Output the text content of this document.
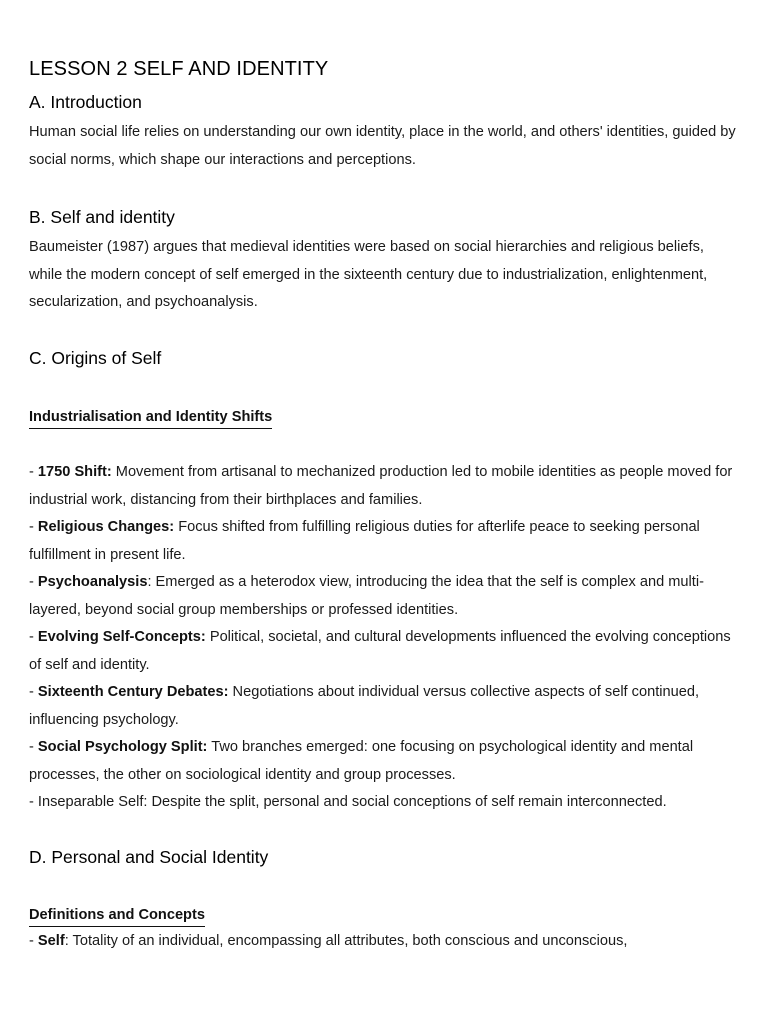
LESSON 2 SELF AND IDENTITY
A. Introduction

Human social life relies on understanding our own identity, place in the world, and others' identities, guided by social norms, which shape our interactions and perceptions.

B. Self and identity

Baumeister (1987) argues that medieval identities were based on social hierarchies and religious beliefs, while the modern concept of self emerged in the sixteenth century due to industrialization, enlightenment, secularization, and psychoanalysis.

C. Origins of Self
Industrialisation and Identity Shifts
- 1750 Shift: Movement from artisanal to mechanized production led to mobile identities as people moved for industrial work, distancing from their birthplaces and families.
- Religious Changes: Focus shifted from fulfilling religious duties for afterlife peace to seeking personal fulfillment in present life.
- Psychoanalysis: Emerged as a heterodox view, introducing the idea that the self is complex and multi-layered, beyond social group memberships or professed identities.
- Evolving Self-Concepts: Political, societal, and cultural developments influenced the evolving conceptions of self and identity.
- Sixteenth Century Debates: Negotiations about individual versus collective aspects of self continued, influencing psychology.
- Social Psychology Split: Two branches emerged: one focusing on psychological identity and mental processes, the other on sociological identity and group processes.
- Inseparable Self: Despite the split, personal and social conceptions of self remain interconnected.
D. Personal and Social Identity
Definitions and Concepts
- Self: Totality of an individual, encompassing all attributes, both conscious and unconscious,
